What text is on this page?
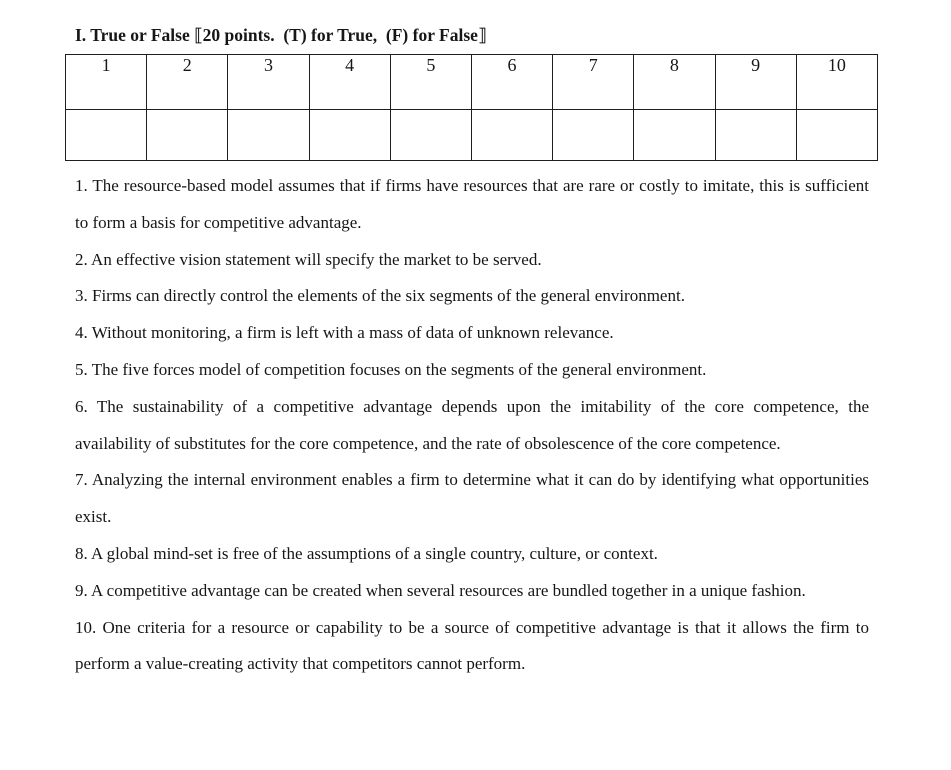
I. True or False ⟦20 points.  (T) for True,  (F) for False⟧
1	2	3	4	5	6	7	8	9	10

1. The resource-based model assumes that if firms have resources that are rare or costly to imitate, this is sufficient to form a basis for competitive advantage.

2. An effective vision statement will specify the market to be served.

3. Firms can directly control the elements of the six segments of the general environment.

4. Without monitoring, a firm is left with a mass of data of unknown relevance.

5. The five forces model of competition focuses on the segments of the general environment.

6. The sustainability of a competitive advantage depends upon the imitability of the core competence, the availability of substitutes for the core competence, and the rate of obsolescence of the core competence.

7. Analyzing the internal environment enables a firm to determine what it can do by identifying what opportunities exist.

8. A global mind-set is free of the assumptions of a single country, culture, or context.

9. A competitive advantage can be created when several resources are bundled together in a unique fashion.

10. One criteria for a resource or capability to be a source of competitive advantage is that it allows the firm to perform a value-creating activity that competitors cannot perform.
